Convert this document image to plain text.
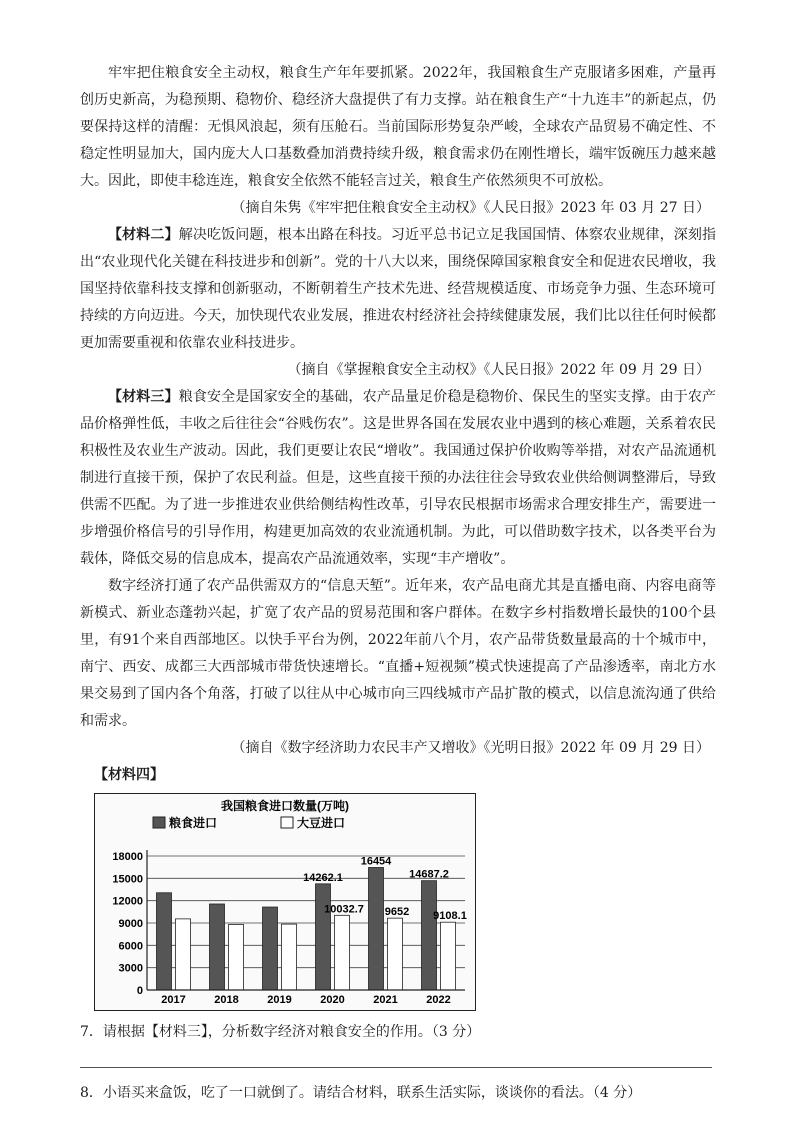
牢牢把住粮食安全主动权，粮食生产年年要抓紧。2022年，我国粮食生产克服诸多困难，产量再创历史新高，为稳预期、稳物价、稳经济大盘提供了有力支撑。站在粮食生产“十九连丰”的新起点，仍要保持这样的清醒：无惧风浪起，须有压舱石。当前国际形势复杂严峻，全球农产品贸易不确定性、不稳定性明显加大，国内庞大人口基数叠加消费持续升级，粮食需求仍在刚性增长，端牢饭碗压力越来越大。因此，即使丰稔连连，粮食安全依然不能轻言过关，粮食生产依然须臾不可放松。

（摘自朱隽《牢牢把住粮食安全主动权》《人民日报》2023 年 03 月 27 日）

【材料二】解决吃饭问题，根本出路在科技。习近平总书记立足我国国情、体察农业规律，深刻指出“农业现代化关键在科技进步和创新”。党的十八大以来，围绕保障国家粮食安全和促进农民增收，我国坚持依靠科技支撑和创新驱动，不断朝着生产技术先进、经营规模适度、市场竞争力强、生态环境可持续的方向迈进。今天，加快现代农业发展，推进农村经济社会持续健康发展，我们比以往任何时候都更加需要重视和依靠农业科技进步。

（摘自《掌握粮食安全主动权》《人民日报》2022 年 09 月 29 日）

【材料三】粮食安全是国家安全的基础，农产品量足价稳是稳物价、保民生的坚实支撑。由于农产品价格弹性低，丰收之后往往会“谷贱伤农”。这是世界各国在发展农业中遇到的核心难题，关系着农民积极性及农业生产波动。因此，我们更要让农民“增收”。我国通过保护价收购等举措，对农产品流通机制进行直接干预，保护了农民利益。但是，这些直接干预的办法往往会导致农业供给侧调整滞后，导致供需不匹配。为了进一步推进农业供给侧结构性改革，引导农民根据市场需求合理安排生产，需要进一步增强价格信号的引导作用，构建更加高效的农业流通机制。为此，可以借助数字技术，以各类平台为载体，降低交易的信息成本，提高农产品流通效率，实现“丰产增收”。

数字经济打通了农产品供需双方的“信息天堑”。近年来，农产品电商尤其是直播电商、内容电商等新模式、新业态蓬勃兴起，扩宽了农产品的贸易范围和客户群体。在数字乡村指数增长最快的100个县里，有91个来自西部地区。以快手平台为例，2022年前八个月，农产品带货数量最高的十个城市中，南宁、西安、成都三大西部城市带货快速增长。“直播+短视频”模式快速提高了产品渗透率，南北方水果交易到了国内各个角落，打破了以往从中心城市向三四线城市产品扩散的模式，以信息流沟通了供给和需求。

（摘自《数字经济助力农民丰产又增收》《光明日报》2022 年 09 月 29 日）

【材料四】

我国粮食进口数量(万吨)
粮食进口	大豆进口
0
3000
6000
9000
12000
15000
18000
2017	2018	2019	2020	2021	2022
14262.1
10032.7
16454
9652
14687.2
9108.1

7．请根据【材料三】，分析数字经济对粮食安全的作用。（3 分）

8．小语买来盒饭，吃了一口就倒了。请结合材料，联系生活实际，谈谈你的看法。（4 分）
